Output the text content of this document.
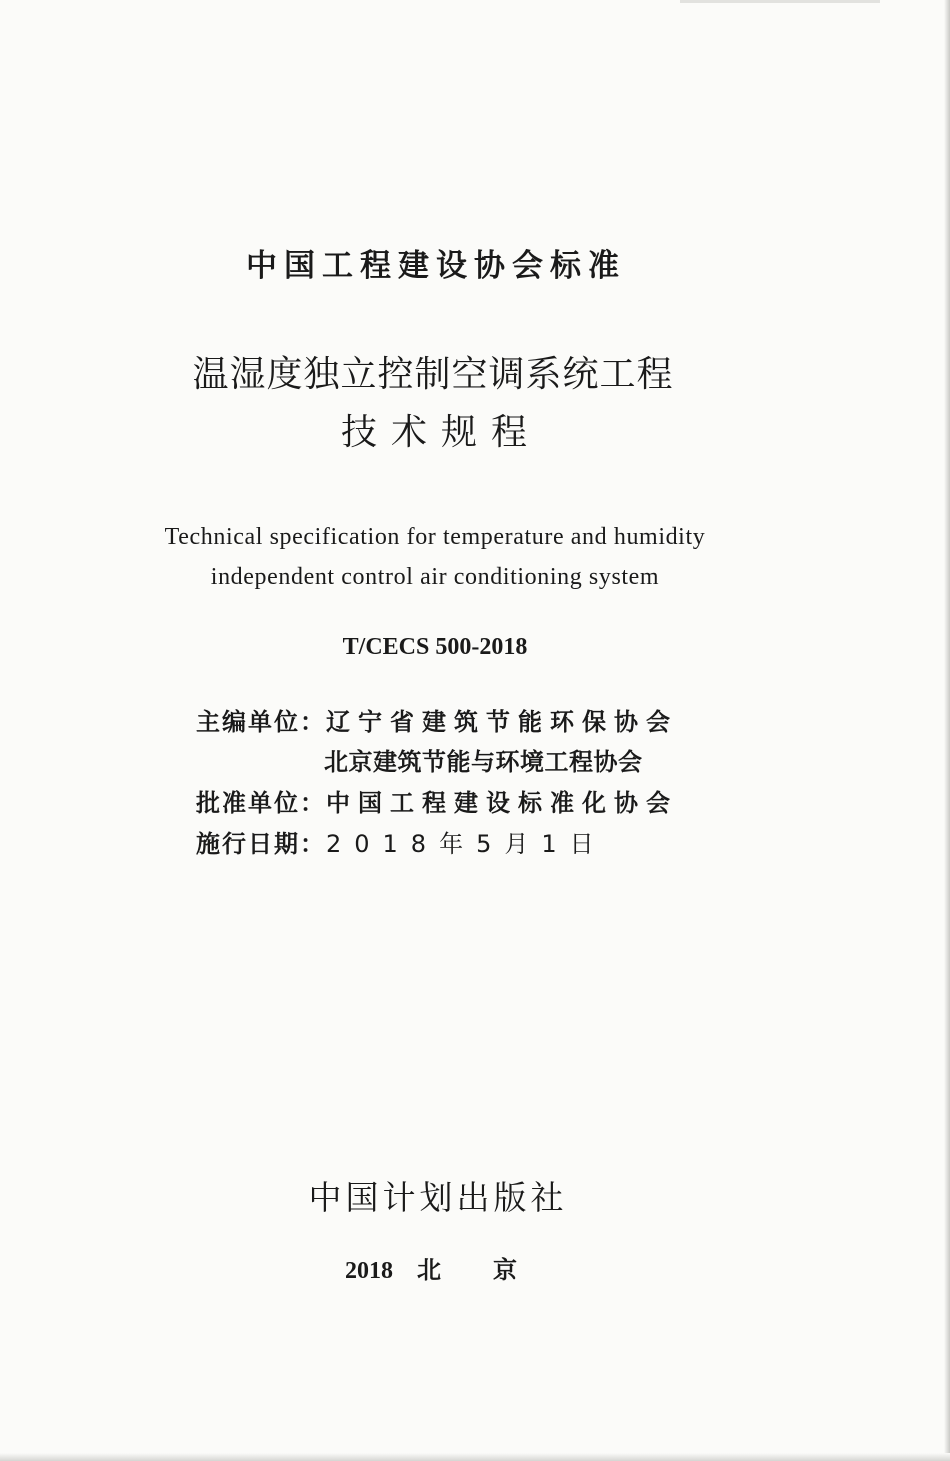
中国工程建设协会标准
温湿度独立控制空调系统工程
技术规程
Technical specification for temperature and humidity
independent control air conditioning system
T/CECS 500-2018
主编单位：辽宁省建筑节能环保协会
北京建筑节能与环境工程协会
批准单位：中国工程建设标准化协会
施行日期：2018年5月1日
中国计划出版社
2018 北京
